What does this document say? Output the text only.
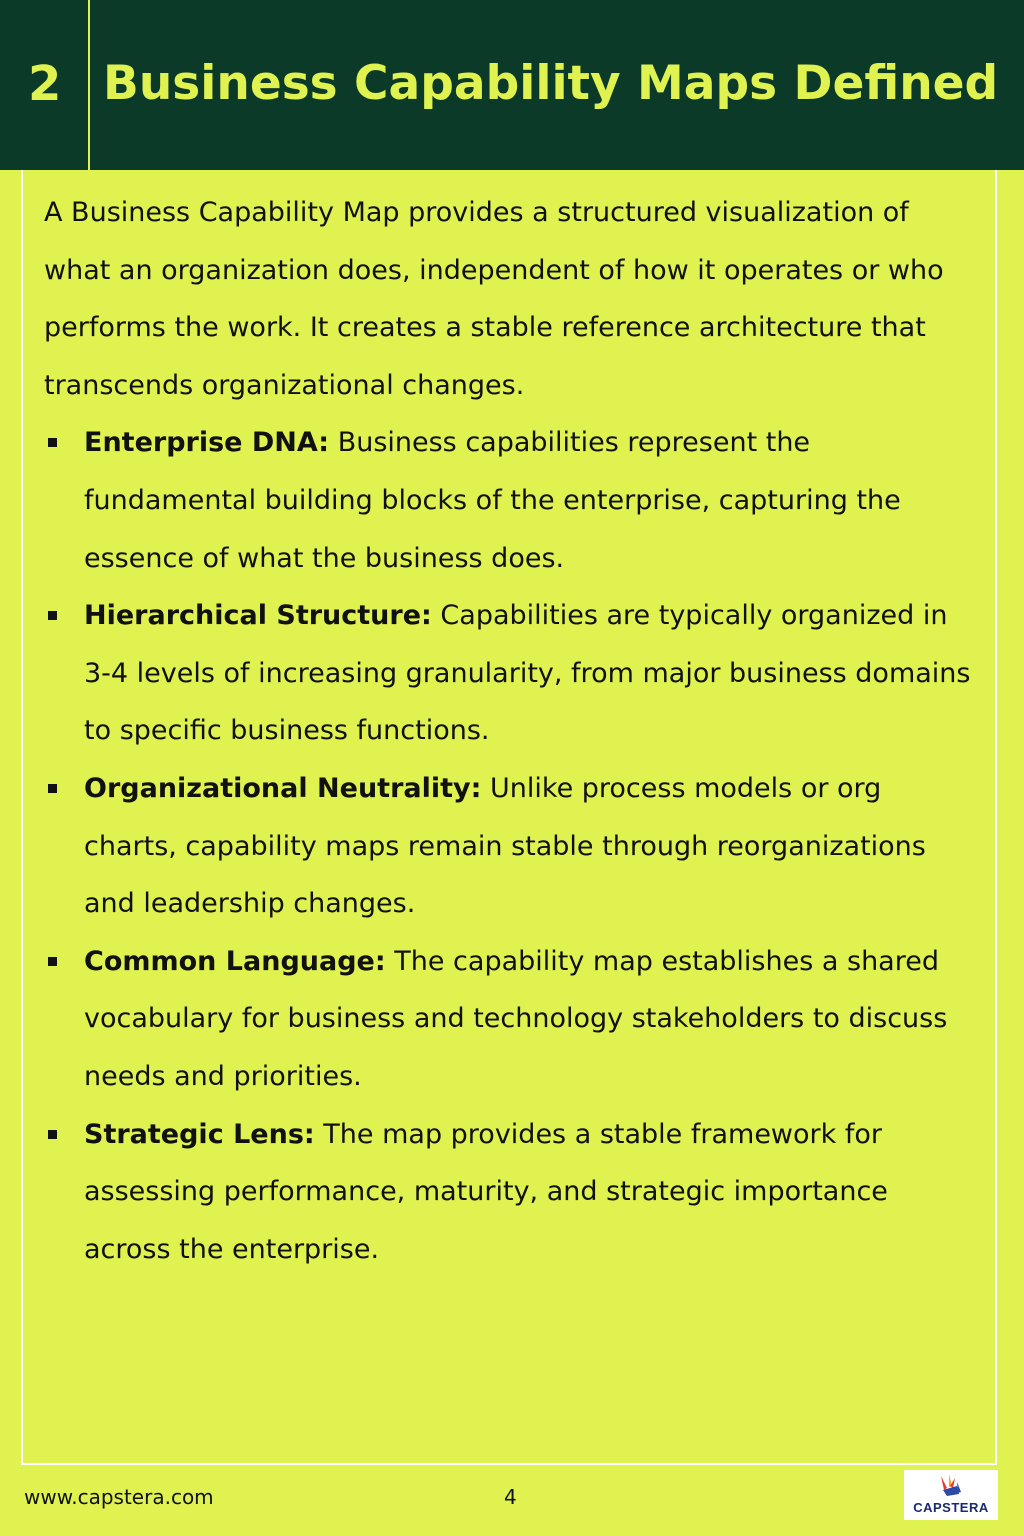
2 Business Capability Maps Defined

A Business Capability Map provides a structured visualization of what an organization does, independent of how it operates or who performs the work. It creates a stable reference architecture that transcends organizational changes.

Enterprise DNA: Business capabilities represent the fundamental building blocks of the enterprise, capturing the essence of what the business does.
Hierarchical Structure: Capabilities are typically organized in 3-4 levels of increasing granularity, from major business domains to specific business functions.
Organizational Neutrality: Unlike process models or org charts, capability maps remain stable through reorganizations and leadership changes.
Common Language: The capability map establishes a shared vocabulary for business and technology stakeholders to discuss needs and priorities.
Strategic Lens: The map provides a stable framework for assessing performance, maturity, and strategic importance across the enterprise.
www.capstera.com	4	CAPSTERA
